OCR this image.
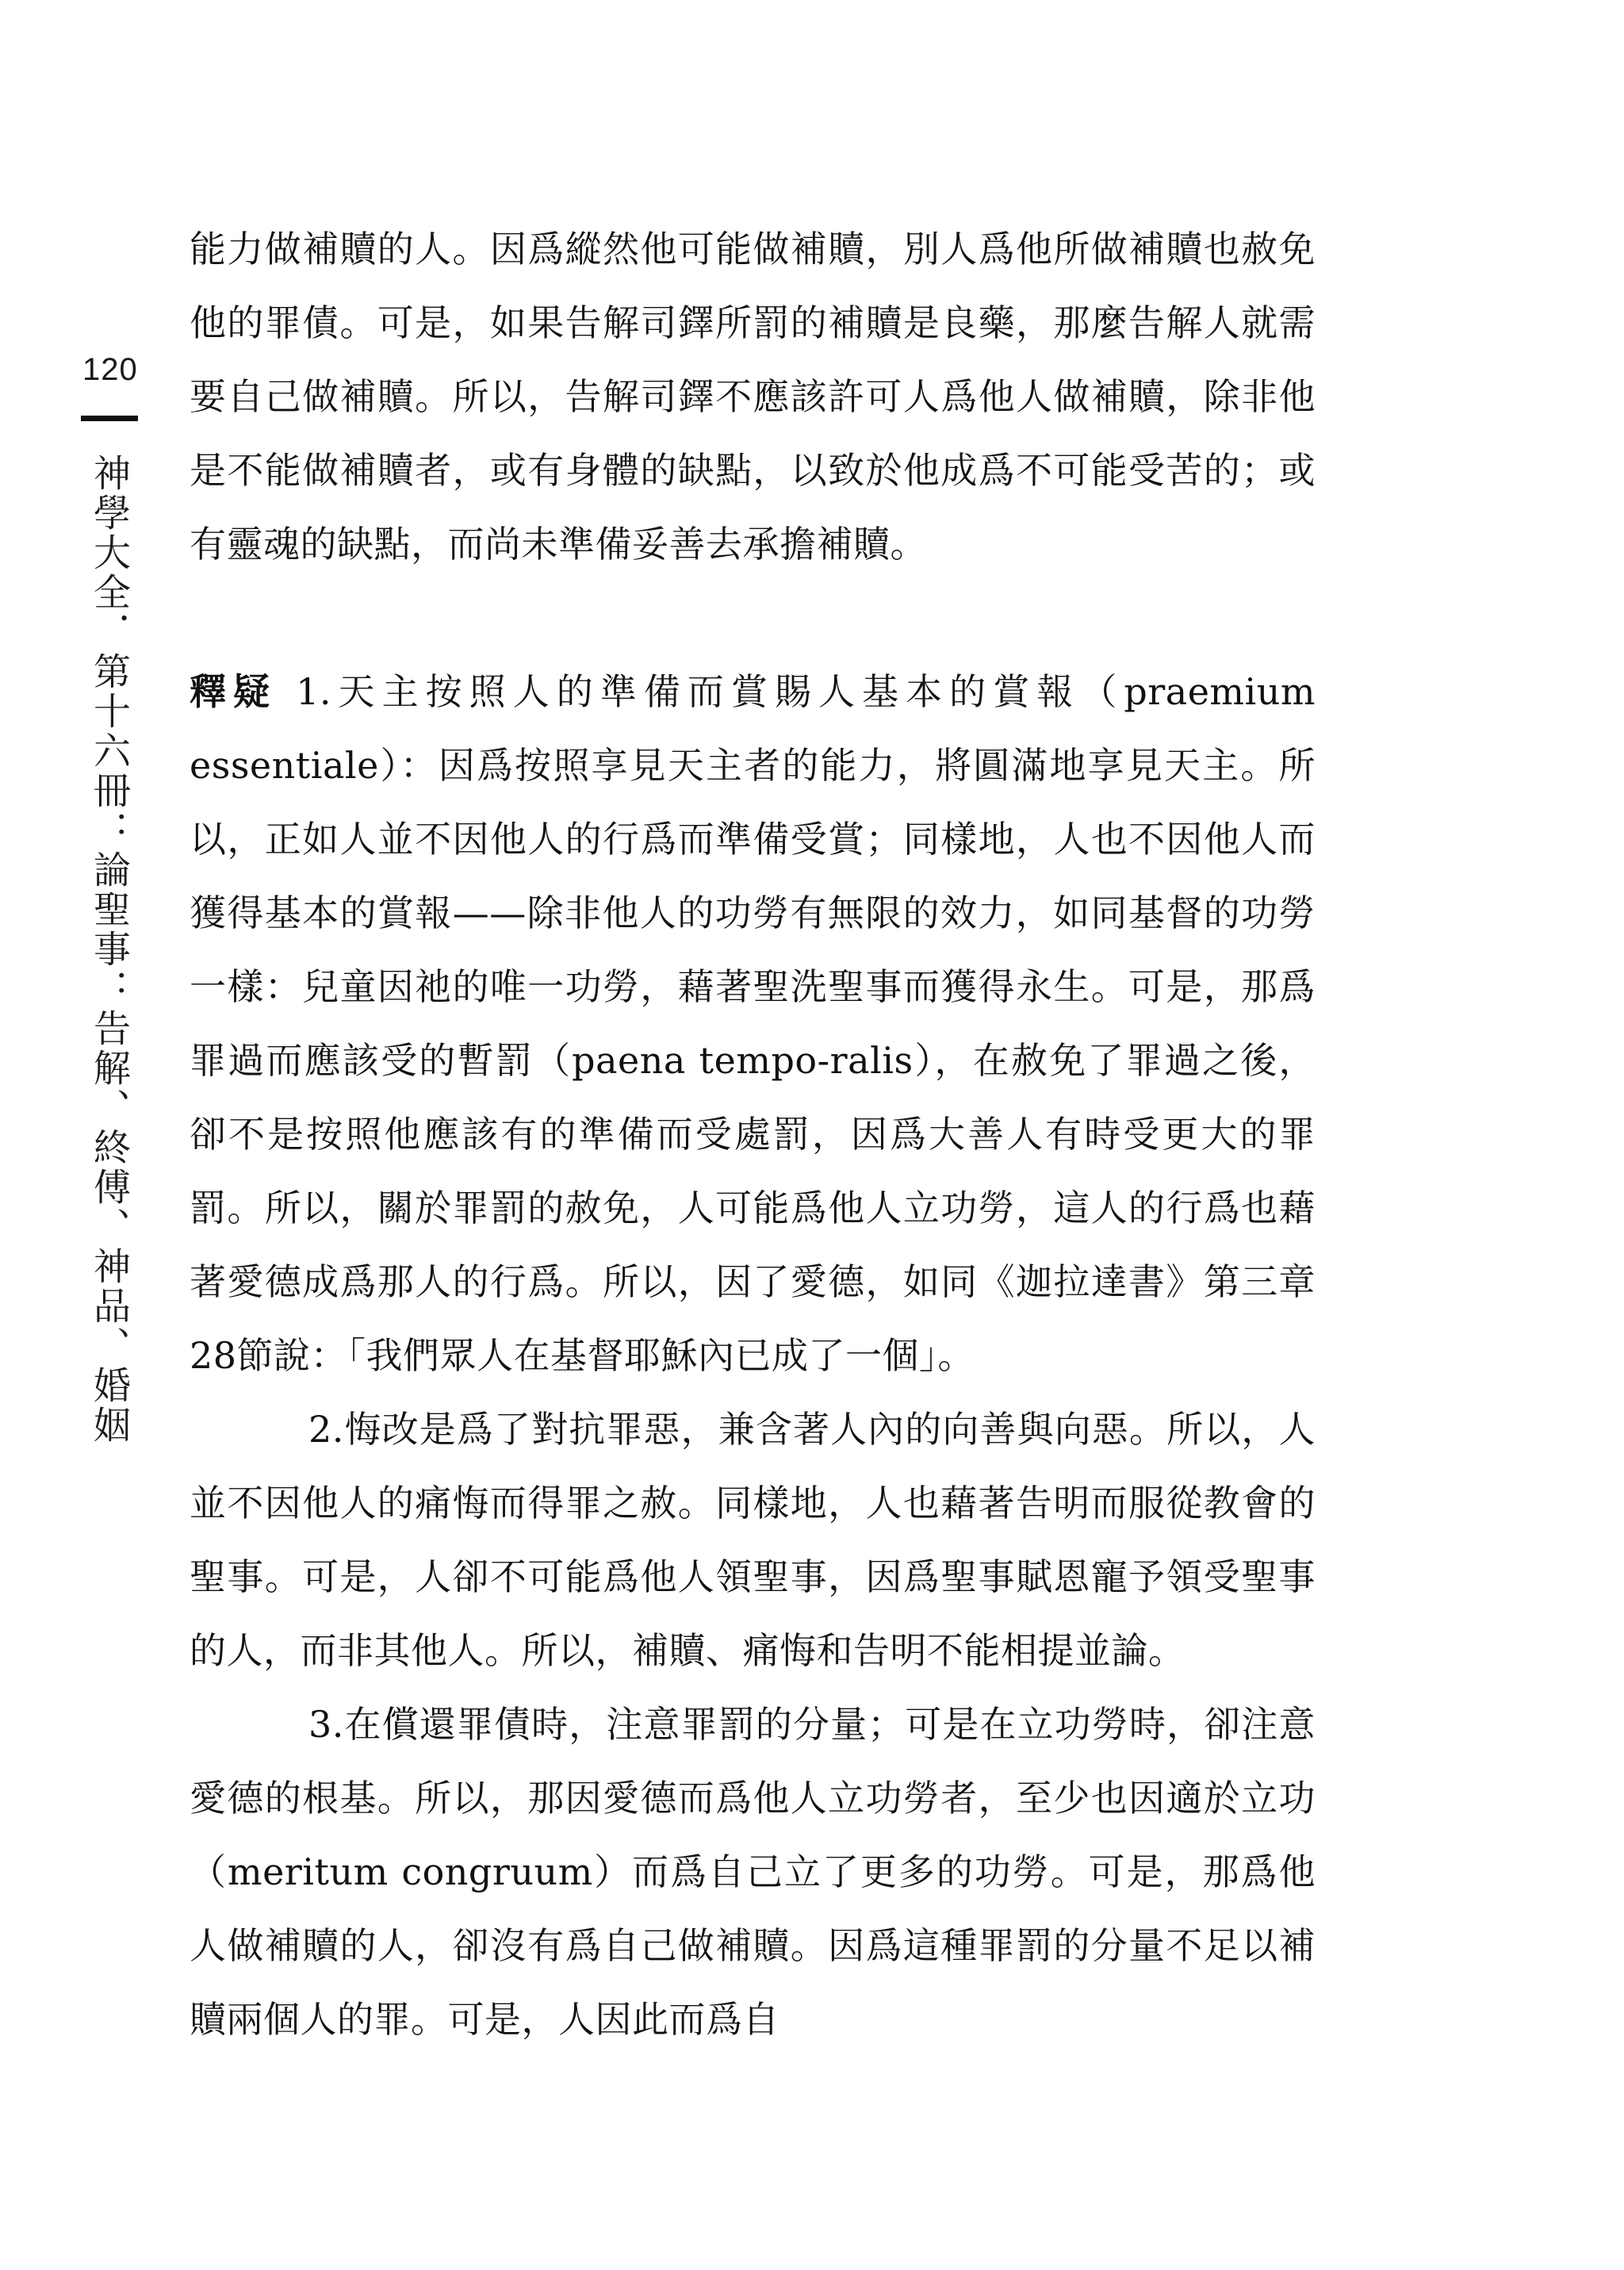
120
神學大全．第十六冊：論聖事：告解、終傅、神品、婚姻

能力做補贖的人。因爲縱然他可能做補贖，別人爲他所做補贖也赦免他的罪債。可是，如果告解司鐸所罰的補贖是良藥，那麼告解人就需要自己做補贖。所以，告解司鐸不應該許可人爲他人做補贖，除非他是不能做補贖者，或有身體的缺點，以致於他成爲不可能受苦的；或有靈魂的缺點，而尚未準備妥善去承擔補贖。

釋疑 1.天主按照人的準備而賞賜人基本的賞報（praemium essentiale）：因爲按照享見天主者的能力，將圓滿地享見天主。所以，正如人並不因他人的行爲而準備受賞；同樣地，人也不因他人而獲得基本的賞報——除非他人的功勞有無限的效力，如同基督的功勞一樣：兒童因祂的唯一功勞，藉著聖洗聖事而獲得永生。可是，那爲罪過而應該受的暫罰（paena tempo-ralis），在赦免了罪過之後，卻不是按照他應該有的準備而受處罰，因爲大善人有時受更大的罪罰。所以，關於罪罰的赦免，人可能爲他人立功勞，這人的行爲也藉著愛德成爲那人的行爲。所以，因了愛德，如同《迦拉達書》第三章28節說：「我們眾人在基督耶穌內已成了一個」。

2.悔改是爲了對抗罪惡，兼含著人內的向善與向惡。所以，人並不因他人的痛悔而得罪之赦。同樣地，人也藉著告明而服從教會的聖事。可是，人卻不可能爲他人領聖事，因爲聖事賦恩寵予領受聖事的人，而非其他人。所以，補贖、痛悔和告明不能相提並論。

3.在償還罪債時，注意罪罰的分量；可是在立功勞時，卻注意愛德的根基。所以，那因愛德而爲他人立功勞者，至少也因適於立功（meritum congruum）而爲自己立了更多的功勞。可是，那爲他人做補贖的人，卻沒有爲自己做補贖。因爲這種罪罰的分量不足以補贖兩個人的罪。可是，人因此而爲自
